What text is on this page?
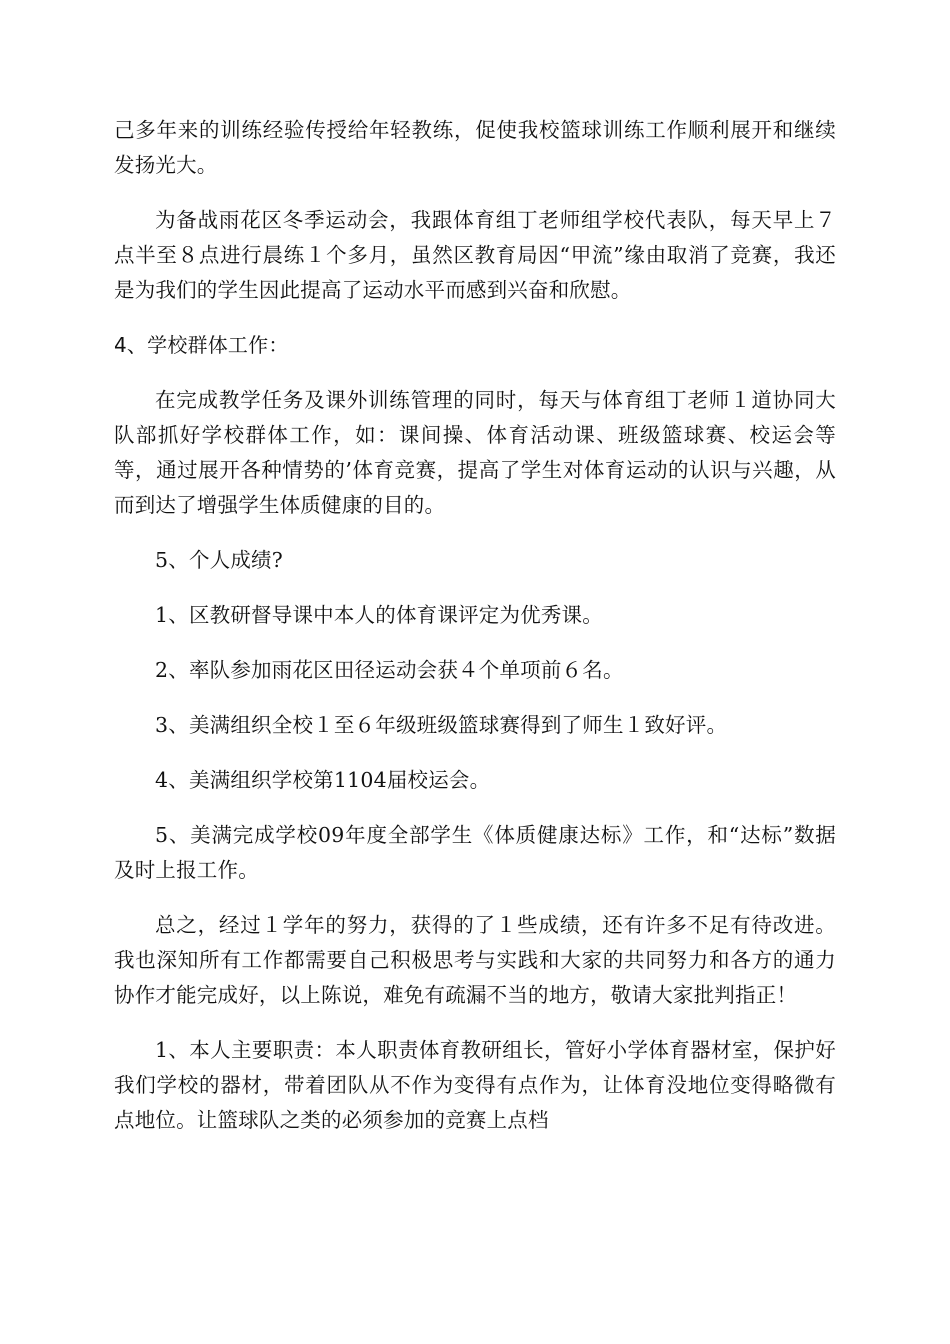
己多年来的训练经验传授给年轻教练，促使我校篮球训练工作顺利展开和继续发扬光大。

为备战雨花区冬季运动会，我跟体育组丁老师组学校代表队，每天早上７点半至８点进行晨练１个多月，虽然区教育局因“甲流”缘由取消了竞赛，我还是为我们的学生因此提高了运动水平而感到兴奋和欣慰。

4、学校群体工作：

在完成教学任务及课外训练管理的同时，每天与体育组丁老师１道协同大队部抓好学校群体工作，如：课间操、体育活动课、班级篮球赛、校运会等等，通过展开各种情势的’体育竞赛，提高了学生对体育运动的认识与兴趣，从而到达了增强学生体质健康的目的。

5、个人成绩?

1、区教研督导课中本人的体育课评定为优秀课。

2、率队参加雨花区田径运动会获４个单项前６名。

3、美满组织全校１至６年级班级篮球赛得到了师生１致好评。

4、美满组织学校第1104届校运会。

5、美满完成学校09年度全部学生《体质健康达标》工作，和“达标”数据及时上报工作。

总之，经过１学年的努力，获得的了１些成绩，还有许多不足有待改进。我也深知所有工作都需要自己积极思考与实践和大家的共同努力和各方的通力协作才能完成好，以上陈说，难免有疏漏不当的地方，敬请大家批判指正！

1、本人主要职责：本人职责体育教研组长，管好小学体育器材室，保护好我们学校的器材，带着团队从不作为变得有点作为，让体育没地位变得略微有点地位。让篮球队之类的必须参加的竞赛上点档
